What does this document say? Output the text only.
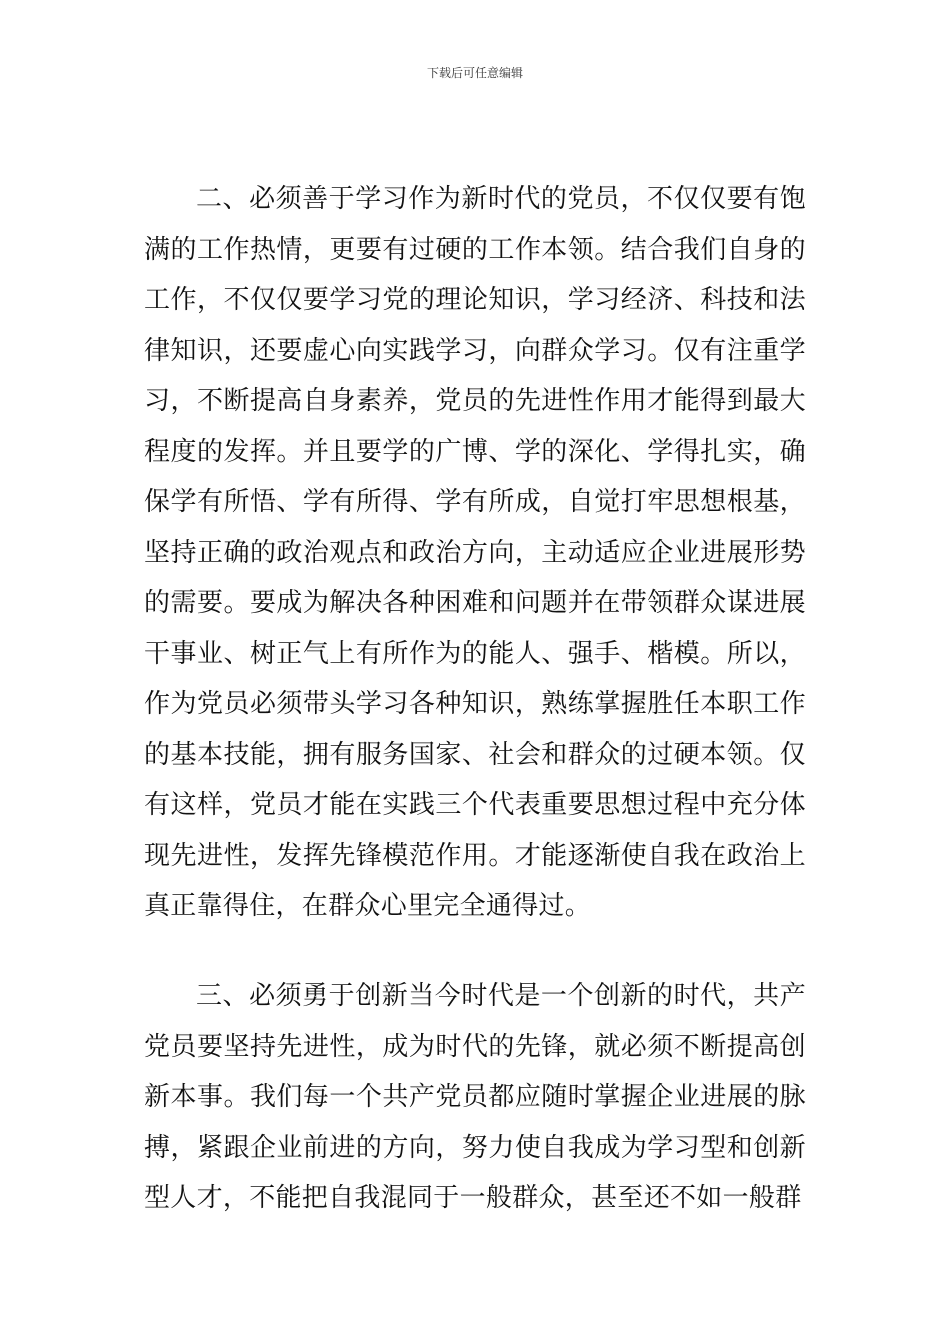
下载后可任意编辑

二、必须善于学习作为新时代的党员，不仅仅要有饱满的工作热情，更要有过硬的工作本领。结合我们自身的工作，不仅仅要学习党的理论知识，学习经济、科技和法律知识，还要虚心向实践学习，向群众学习。仅有注重学习，不断提高自身素养，党员的先进性作用才能得到最大程度的发挥。并且要学的广博、学的深化、学得扎实，确保学有所悟、学有所得、学有所成，自觉打牢思想根基，坚持正确的政治观点和政治方向，主动适应企业进展形势的需要。要成为解决各种困难和问题并在带领群众谋进展干事业、树正气上有所作为的能人、强手、楷模。所以，作为党员必须带头学习各种知识，熟练掌握胜任本职工作的基本技能，拥有服务国家、社会和群众的过硬本领。仅有这样，党员才能在实践三个代表重要思想过程中充分体现先进性，发挥先锋模范作用。才能逐渐使自我在政治上真正靠得住，在群众心里完全通得过。

三、必须勇于创新当今时代是一个创新的时代，共产党员要坚持先进性，成为时代的先锋，就必须不断提高创新本事。我们每一个共产党员都应随时掌握企业进展的脉搏，紧跟企业前进的方向，努力使自我成为学习型和创新型人才，不能把自我混同于一般群众，甚至还不如一般群
